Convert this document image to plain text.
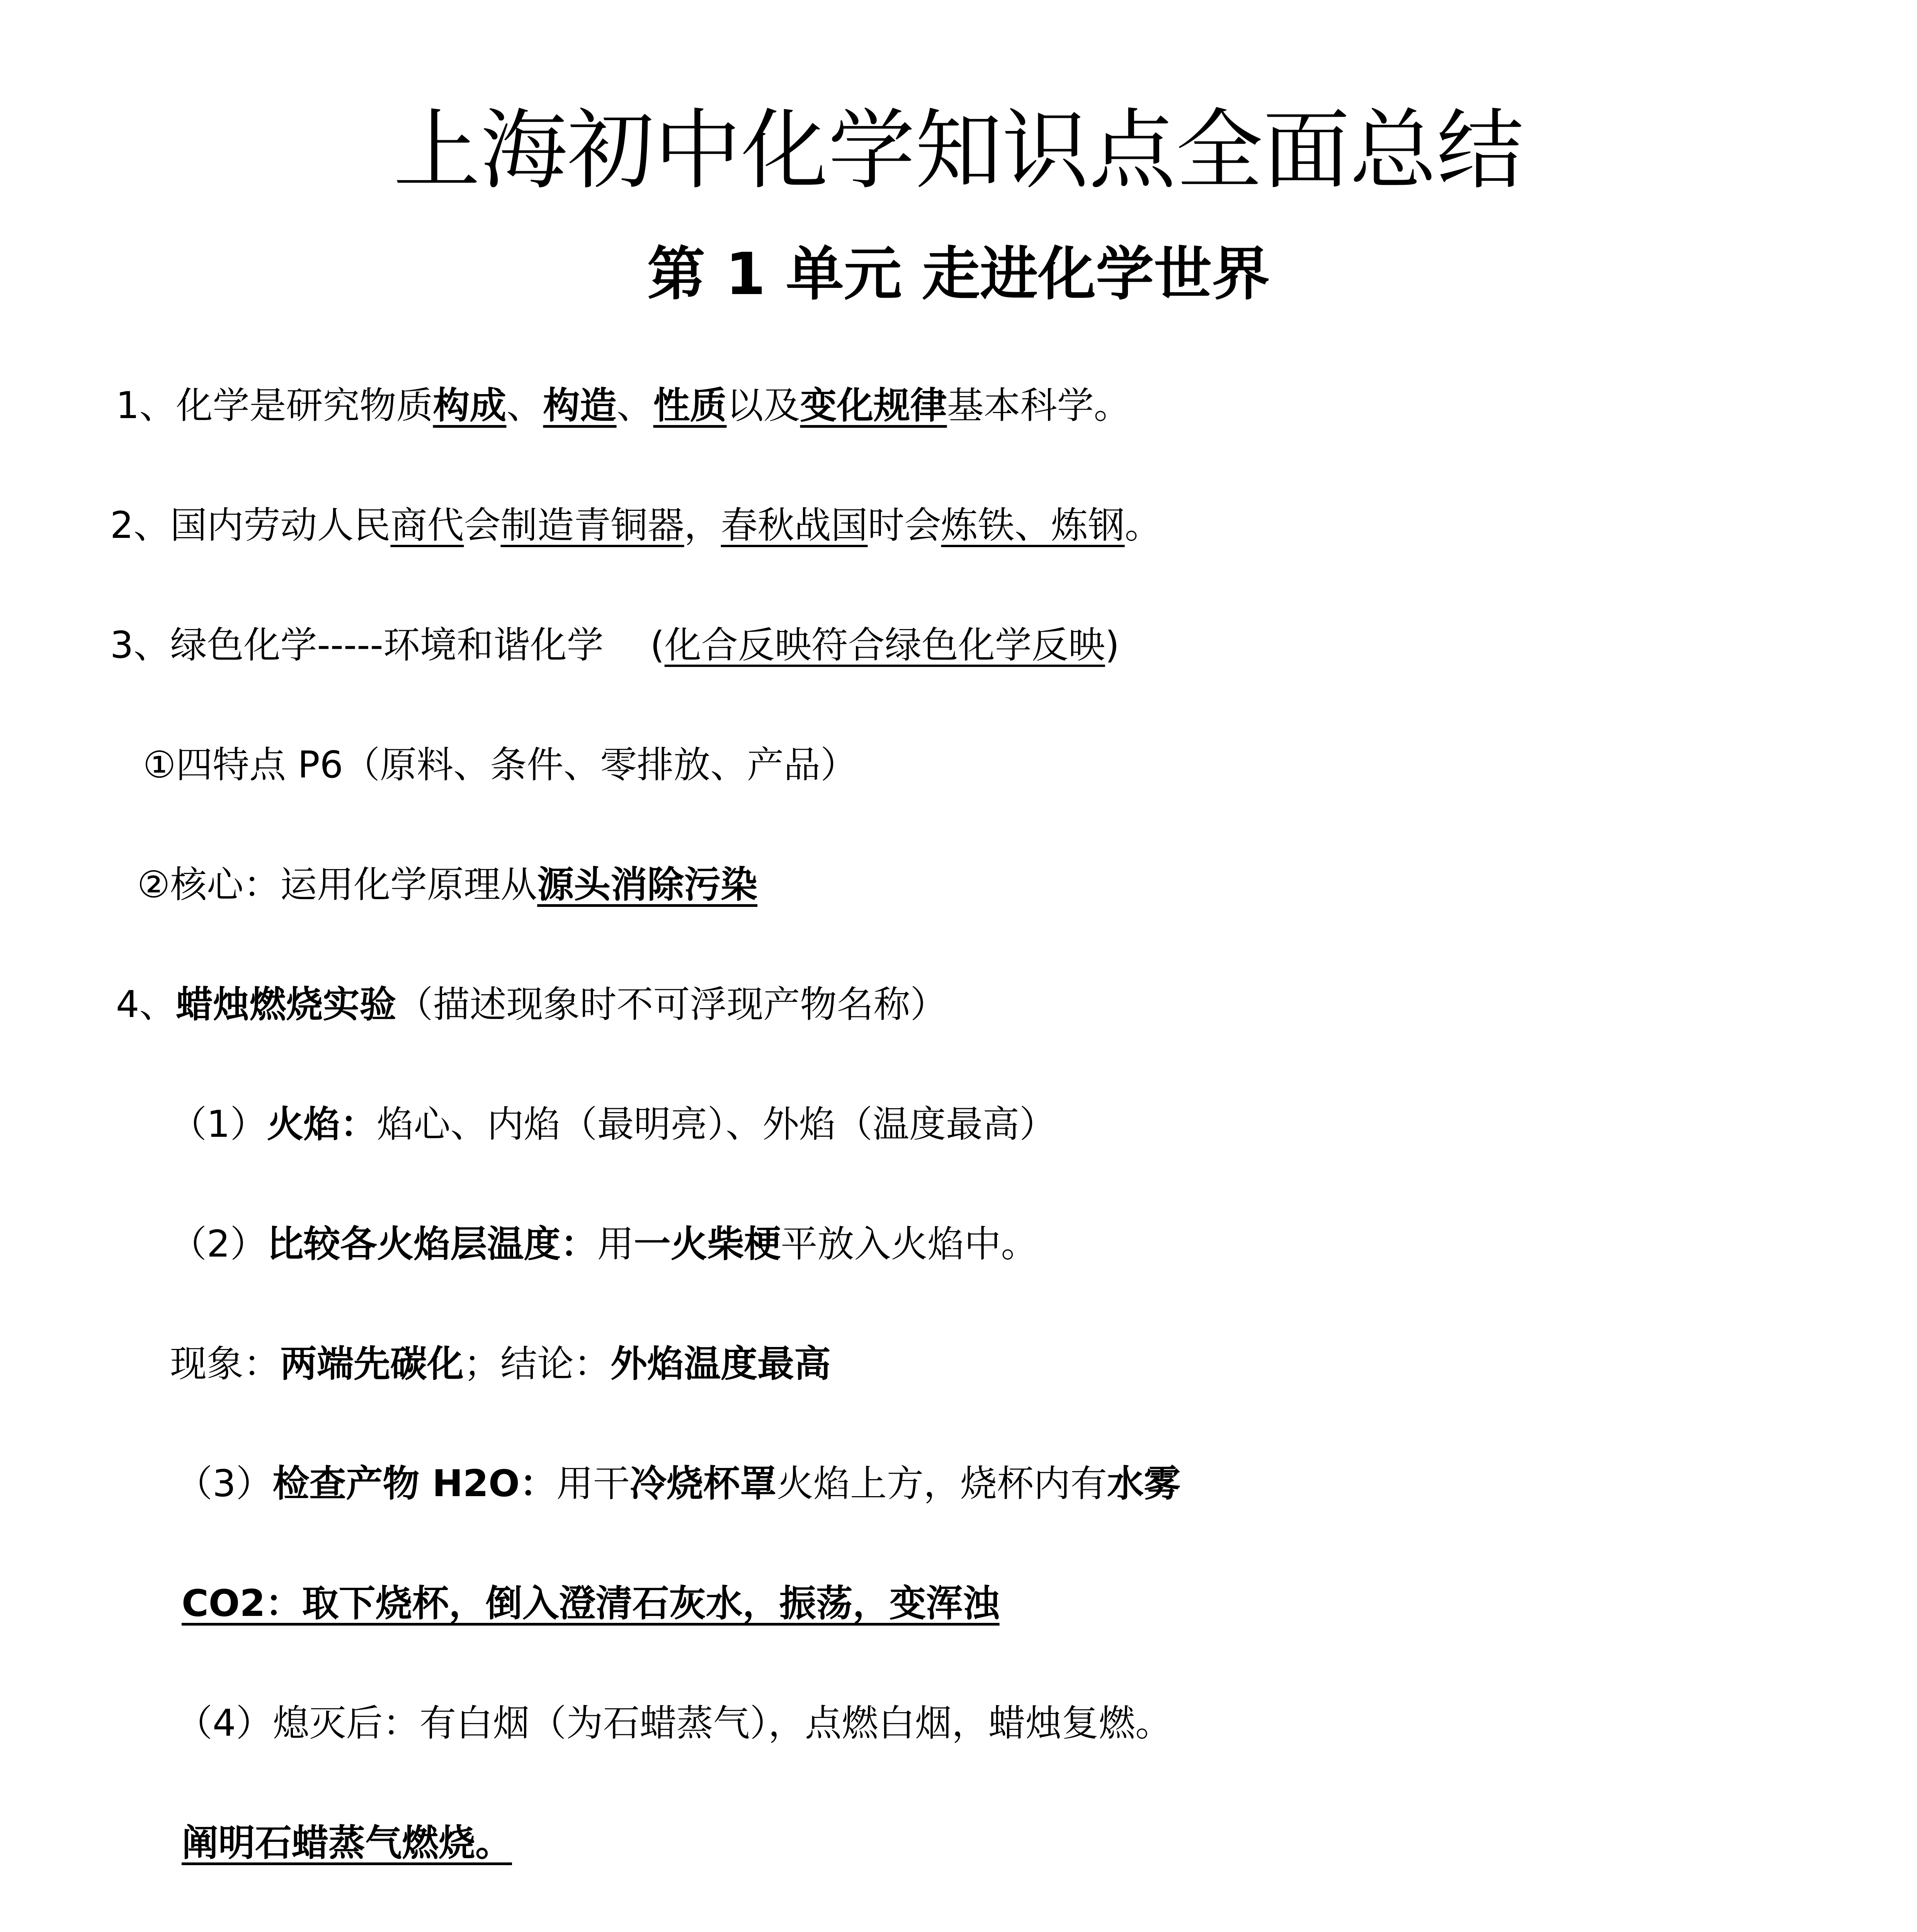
上海初中化学知识点全面总结
第 1 单元 走进化学世界
1、化学是研究物质构成、构造、性质以及变化规律基本科学。
2、国内劳动人民商代会制造青铜器，春秋战国时会炼铁、炼钢。
3、绿色化学-----环境和谐化学    (化合反映符合绿色化学反映)
①四特点 P6（原料、条件、零排放、产品）
②核心：运用化学原理从源头消除污染
4、蜡烛燃烧实验（描述现象时不可浮现产物名称）
（1）火焰：焰心、内焰（最明亮）、外焰（温度最高）
（2）比较各火焰层温度：用一火柴梗平放入火焰中。
现象：两端先碳化；结论：外焰温度最高
（3）检查产物 H2O：用干冷烧杯罩火焰上方，烧杯内有水雾
CO2：取下烧杯，倒入澄清石灰水，振荡，变浑浊
（4）熄灭后：有白烟（为石蜡蒸气），点燃白烟，蜡烛复燃。
阐明石蜡蒸气燃烧。
